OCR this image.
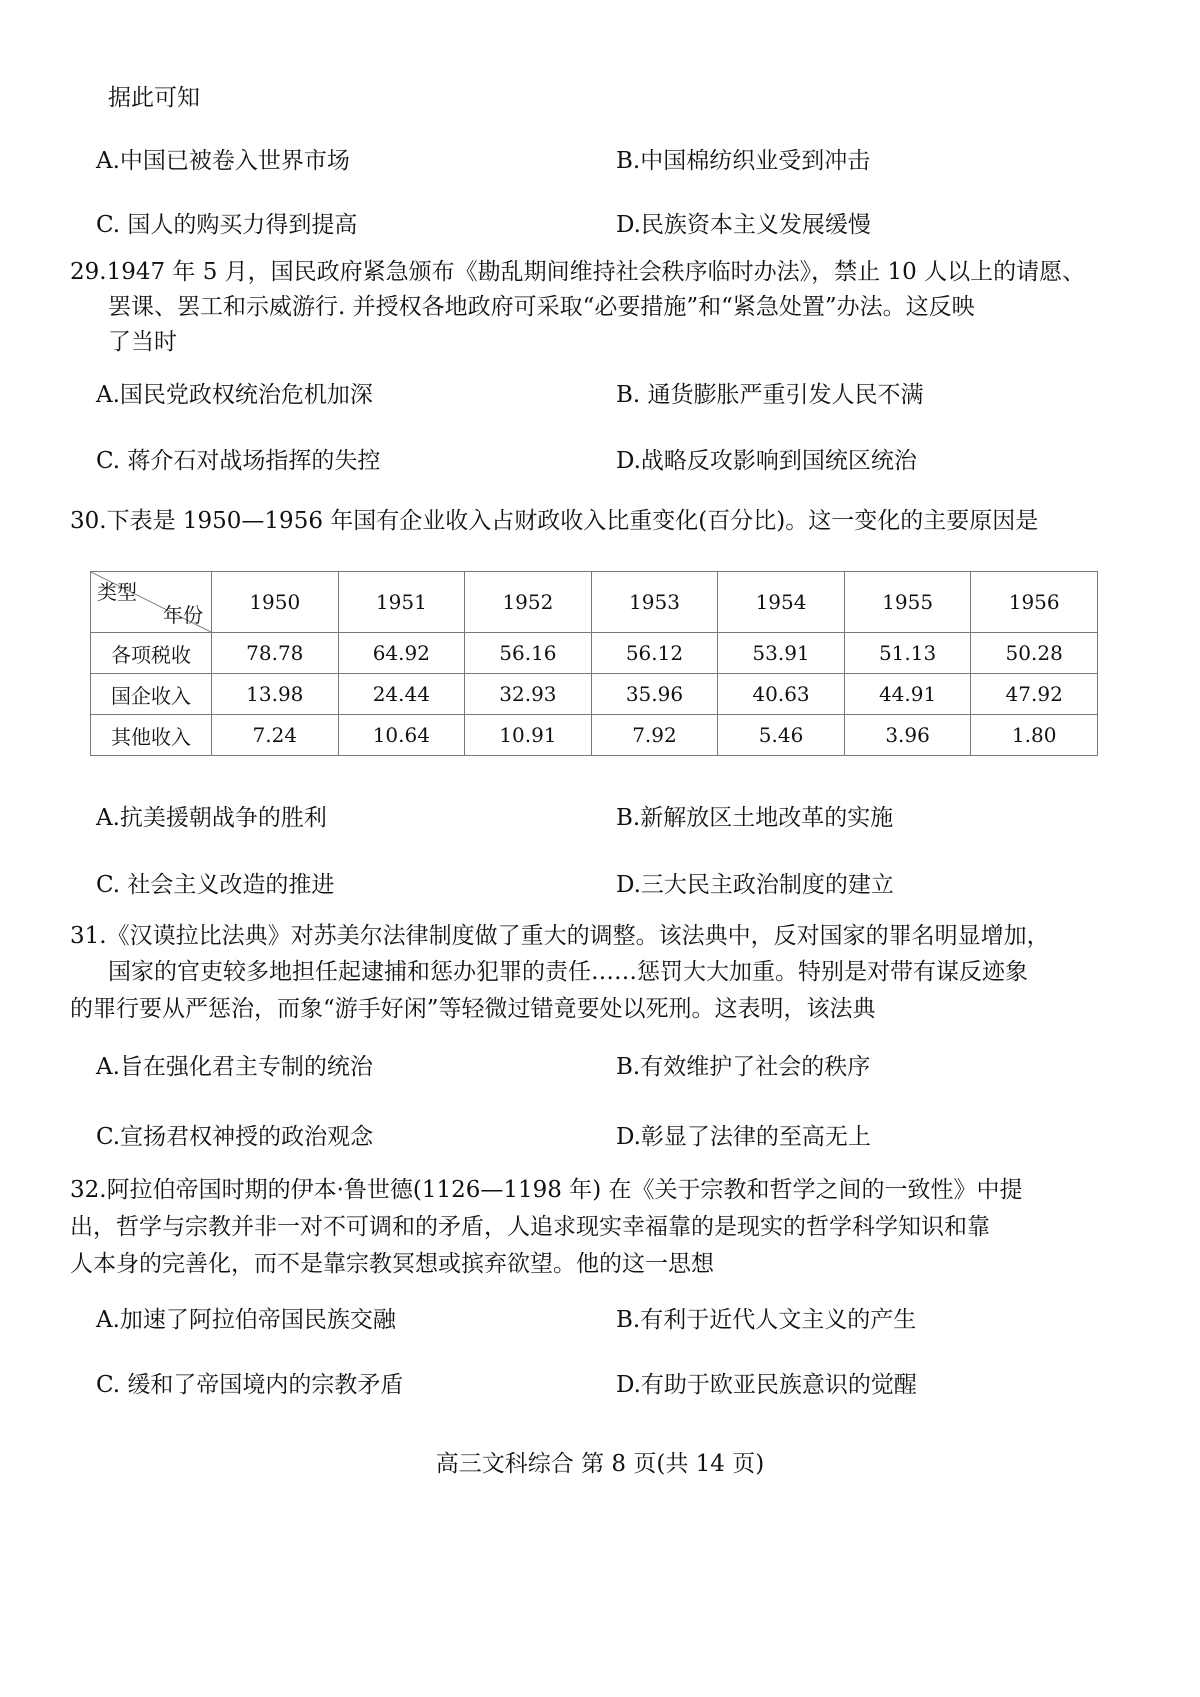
据此可知
A.中国已被卷入世界市场	B.中国棉纺织业受到冲击
C. 国人的购买力得到提高	D.民族资本主义发展缓慢
29.1947 年 5 月，国民政府紧急颁布《勘乱期间维持社会秩序临时办法》，禁止 10 人以上的请愿、
罢课、罢工和示威游行. 并授权各地政府可采取“必要措施”和“紧急处置”办法。这反映
了当时
A.国民党政权统治危机加深	B. 通货膨胀严重引发人民不满
C. 蒋介石对战场指挥的失控	D.战略反攻影响到国统区统治
30.下表是 1950—1956 年国有企业收入占财政收入比重变化(百分比)。这一变化的主要原因是
类型
年份	1950	1951	1952	1953	1954	1955	1956
各项税收	78.78	64.92	56.16	56.12	53.91	51.13	50.28
国企收入	13.98	24.44	32.93	35.96	40.63	44.91	47.92
其他收入	7.24	10.64	10.91	7.92	5.46	3.96	1.80
A.抗美援朝战争的胜利	B.新解放区土地改革的实施
C. 社会主义改造的推进	D.三大民主政治制度的建立
31.《汉谟拉比法典》对苏美尔法律制度做了重大的调整。该法典中，反对国家的罪名明显增加，
国家的官吏较多地担任起逮捕和惩办犯罪的责任……惩罚大大加重。特别是对带有谋反迹象
的罪行要从严惩治，而象“游手好闲”等轻微过错竟要处以死刑。这表明，该法典
A.旨在强化君主专制的统治	B.有效维护了社会的秩序
C.宣扬君权神授的政治观念	D.彰显了法律的至高无上
32.阿拉伯帝国时期的伊本·鲁世德(1126—1198 年) 在《关于宗教和哲学之间的一致性》中提
出，哲学与宗教并非一对不可调和的矛盾，人追求现实幸福靠的是现实的哲学科学知识和靠
人本身的完善化，而不是靠宗教冥想或摈弃欲望。他的这一思想
A.加速了阿拉伯帝国民族交融	B.有利于近代人文主义的产生
C. 缓和了帝国境内的宗教矛盾	D.有助于欧亚民族意识的觉醒
高三文科综合 第 8 页(共 14 页)
